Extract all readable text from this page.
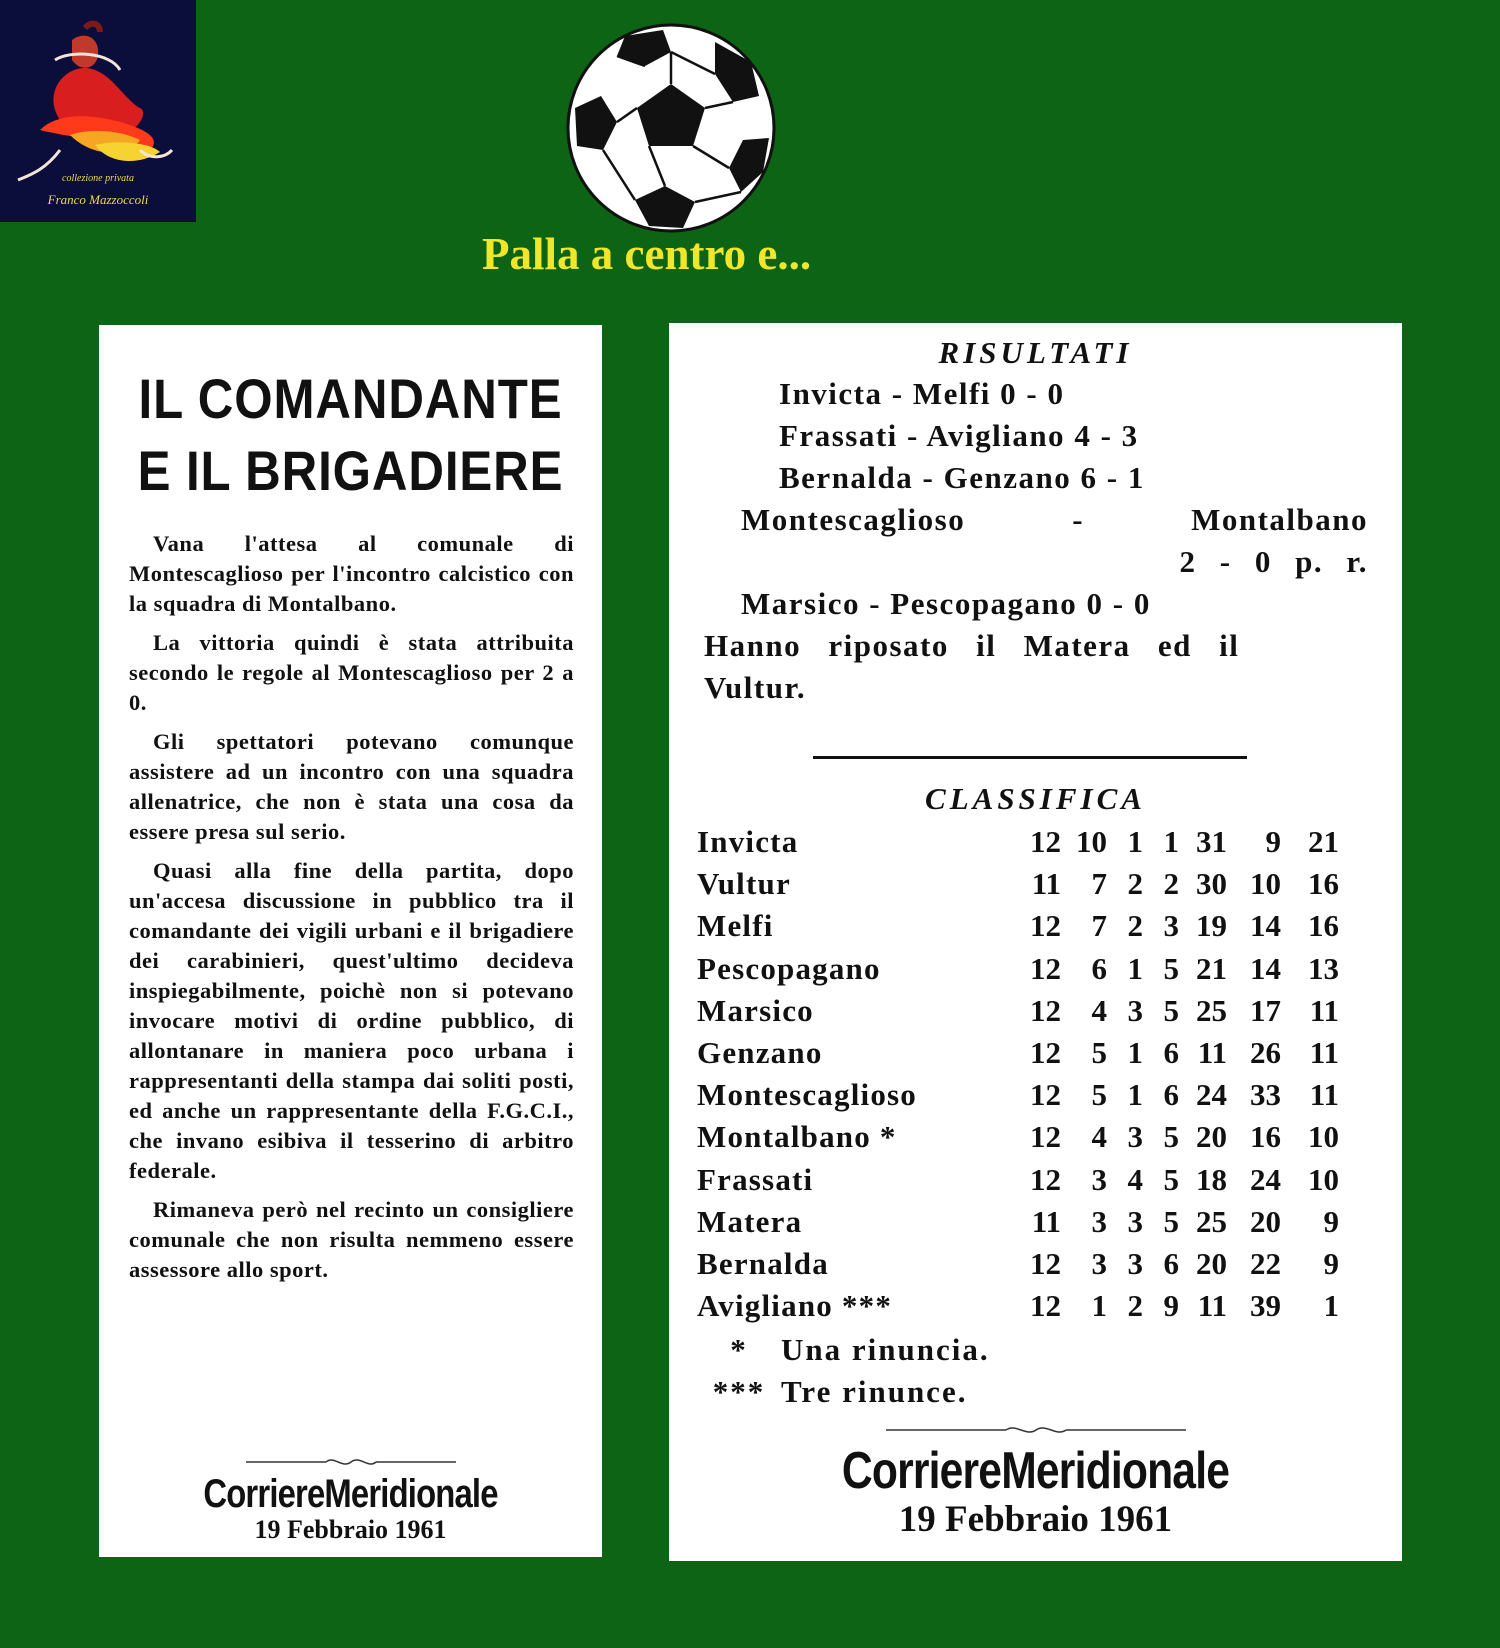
collezione privata
Franco Mazzoccoli
Palla a centro e...
IL COMANDANTE
E IL BRIGADIERE

Vana l'attesa al comunale di Montescaglioso per l'incontro calcistico con la squadra di Montalbano.

La vittoria quindi è stata attribuita secondo le regole al Montescaglioso per 2 a 0.

Gli spettatori potevano comunque assistere ad un incontro con una squadra allenatrice, che non è stata una cosa da essere presa sul serio.

Quasi alla fine della partita, dopo un'accesa discussione in pubblico tra il comandante dei vigili urbani e il brigadiere dei carabinieri, quest'ultimo decideva inspiegabilmente, poichè non si potevano invocare motivi di ordine pubblico, di allontanare in maniera poco urbana i rappresentanti della stampa dai soliti posti, ed anche un rappresentante della F.G.C.I., che invano esibiva il tesserino di arbitro federale.

Rimaneva però nel recinto un consigliere comunale che non risulta nemmeno essere assessore allo sport.

CorriereMeridionale
19 Febbraio 1961
RISULTATI
Invicta - Melfi 0 - 0
Frassati - Avigliano 4 - 3
Bernalda - Genzano 6 - 1
Montescaglioso	-	Montalbano
2 - 0 p. r.
Marsico - Pescopagano 0 - 0
Hanno riposato il Matera ed il
Vultur.
CLASSIFICA
Invicta	12	10	1	1	31	9	21
Vultur	11	7	2	2	30	10	16
Melfi	12	7	2	3	19	14	16
Pescopagano	12	6	1	5	21	14	13
Marsico	12	4	3	5	25	17	11
Genzano	12	5	1	6	11	26	11
Montescaglioso	12	5	1	6	24	33	11
Montalbano *	12	4	3	5	20	16	10
Frassati	12	3	4	5	18	24	10
Matera	11	3	3	5	25	20	9
Bernalda	12	3	3	6	20	22	9
Avigliano ***	12	1	2	9	11	39	1
* Una rinuncia.
*** Tre rinunce.
CorriereMeridionale
19 Febbraio 1961
